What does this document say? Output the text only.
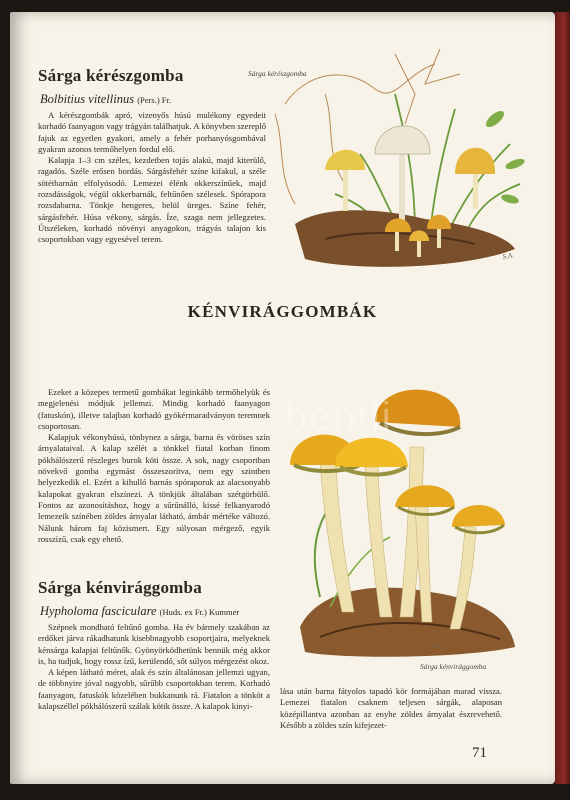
Sárga kérészgomba
Bolbitius vitellinus (Pers.) Fr.

A kérészgombák apró, vizenyős húsú mulékony egyedeit korhadó faanyagon vagy trágyán találhatjuk. A könyvben szereplő fajuk az egyetlen gyakori, amely a fehér porhanyósgombával gyakran azonos termőhelyen fordul elő.

Kalapja 1–3 cm széles, kezdetben tojás alakú, majd kiterülő, ragadós. Széle erősen bordás. Sárgásfehér színe kifakul, a széle sötétbarnán elfolyósodó. Lemezei élénk okkerszínűek, majd rozsdásságok, végül okkerbarnák, feltűnően szélesek. Spórapora rozsdabarna. Tönkje hengeres, belül üreges. Színe fehér, sárgásfehér. Húsa vékony, sárgás. Íze, szaga nem jellegzetes. Útszéleken, korhadó növényi anyagokon, trágyás talajon kis csoportokban vagy egyesével terem.

Sárga kérészgomba
S.A.
KÉNVIRÁGGOMBÁK

Ezeket a közepes termetű gombákat leginkább termőhelyük és megjelenési módjuk jellemzi. Mindig korhadó faanyagon (fatuskón), illetve talajban korhadó gyökérmaradványon teremnek csoportosan.

Kalapjuk vékonyhúsú, tönbynez a sárga, barna és vöröses szín árnyalataival. A kalap szélét a tönkkel fiatal korban finom pókhálószerű részleges burok köti össze. A sok, nagy csoportban növekvő gomba egymást összeszorítva, nem egy szintben helyezkedik el. Ezért a kihulló barnás spóraporuk az alacsonyabb kalapokat gyakran elszínezi. A tönkjük általában szétgörbülő. Fontos az azonosításhoz, hogy a sűrűnálló, kissé felkanyarodó lemezeik színében zöldes árnyalat látható, ámbár mértéke változó. Nálunk három faj közismert. Egy súlyosan mérgező, egyik rosszízű, csak egy ehető.

S.A.
Sárga kénvirággomba
Sárga kénvirággomba
Hypholoma fasciculare (Huds. ex Fr.) Kummer

Szépnek mondható feltűnő gomba. Ha év bármely szakában az erdőket járva rákadhatunk kisebbnagyobb csoportjaira, melyeknek kénsárga kalapjai feltűnők. Gyönyörködhetünk bennük még akkor is, ha tudjuk, hogy rossz ízű, kerülendő, sőt súlyos mérgezést okoz.

A képen látható méret, alak és szín általánosan jellemzi ugyan, de többnyire jóval nagyobb, sűrűbb csoportokban terem. Korhadó faanyagon, fatuskók közelében bukkanunk rá. Fiatalon a tönköt a kalapszéllel pókhálószerű szálak kötik össze. A kalapok kinyi-

lása után barna fátyolos tapadó kör formájában marad vissza. Lemezei fiatalon csaknem teljesen sárgák, alaposan középillantva azonban az enyhe zöldes árnyalat észrevehető. Később a zöldes szín kifejezet-

71
bentli
